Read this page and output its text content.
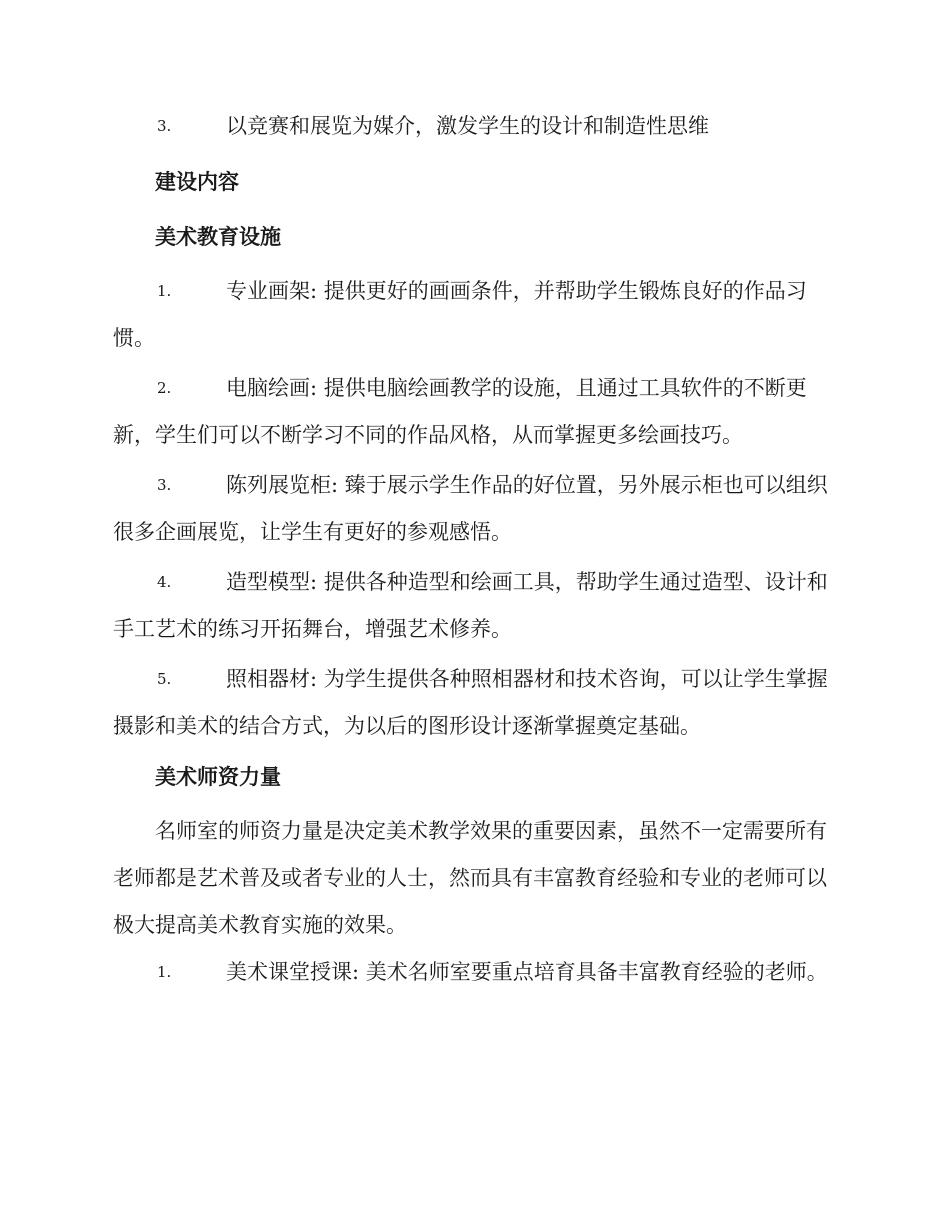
3.	以竞赛和展览为媒介，激发学生的设计和制造性思维
建设内容
美术教育设施
1.	专业画架: 提供更好的画画条件，并帮助学生锻炼良好的作品习惯。
2.	电脑绘画: 提供电脑绘画教学的设施，且通过工具软件的不断更新，学生们可以不断学习不同的作品风格，从而掌握更多绘画技巧。
3.	陈列展览柜: 臻于展示学生作品的好位置，另外展示柜也可以组织很多企画展览，让学生有更好的参观感悟。
4.	造型模型: 提供各种造型和绘画工具，帮助学生通过造型、设计和手工艺术的练习开拓舞台，增强艺术修养。
5.	照相器材: 为学生提供各种照相器材和技术咨询，可以让学生掌握摄影和美术的结合方式，为以后的图形设计逐渐掌握奠定基础。
美术师资力量
名师室的师资力量是决定美术教学效果的重要因素，虽然不一定需要所有老师都是艺术普及或者专业的人士，然而具有丰富教育经验和专业的老师可以极大提高美术教育实施的效果。
1.	美术课堂授课: 美术名师室要重点培育具备丰富教育经验的老师。
